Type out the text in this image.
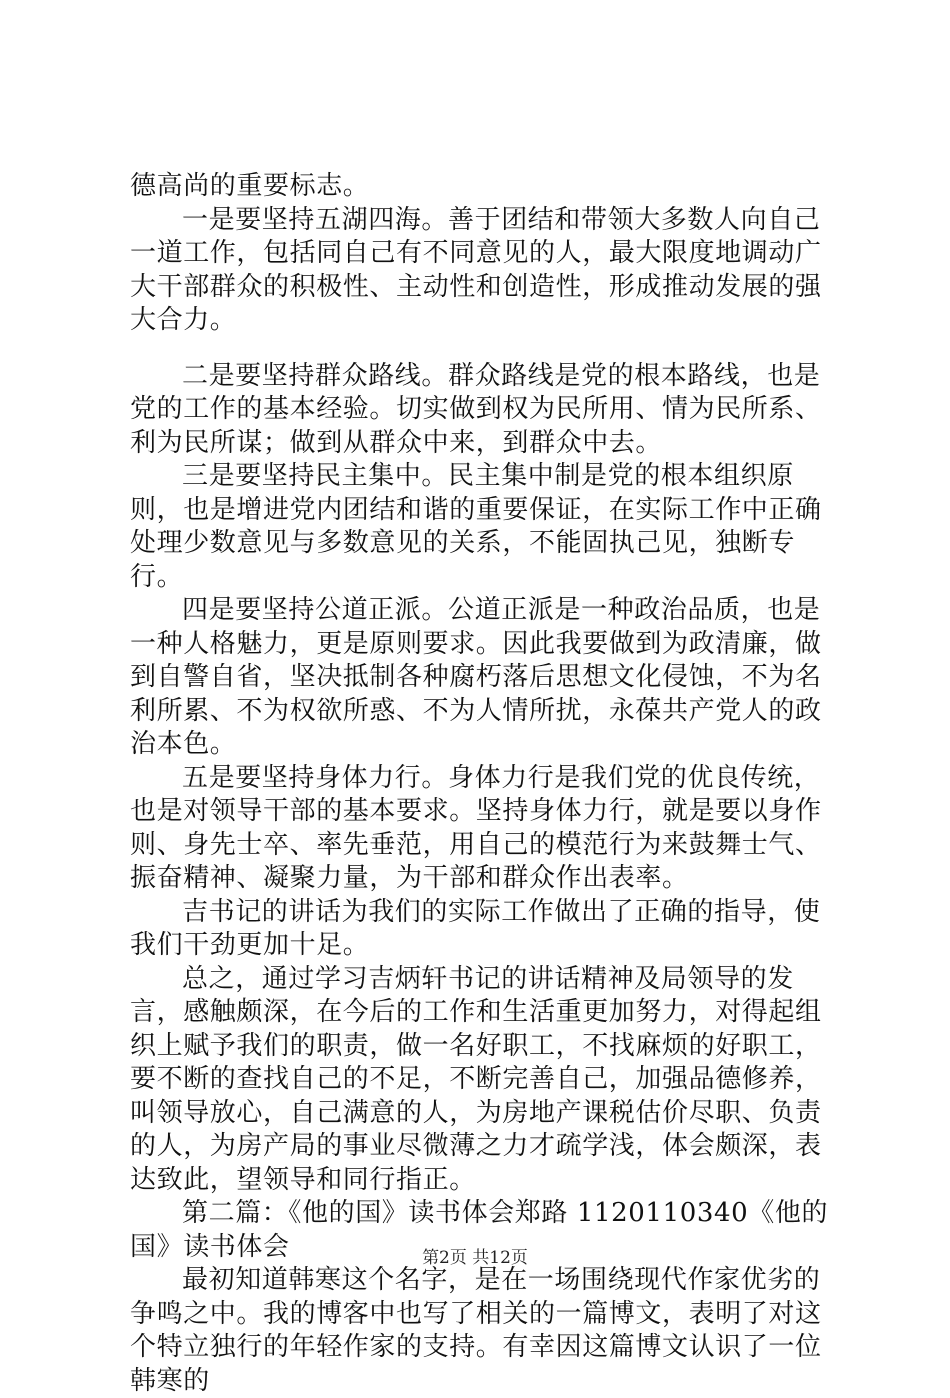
德高尚的重要标志。

一是要坚持五湖四海。善于团结和带领大多数人向自己一道工作，包括同自己有不同意见的人，最大限度地调动广大干部群众的积极性、主动性和创造性，形成推动发展的强大合力。

二是要坚持群众路线。群众路线是党的根本路线，也是党的工作的基本经验。切实做到权为民所用、情为民所系、利为民所谋；做到从群众中来，到群众中去。

三是要坚持民主集中。民主集中制是党的根本组织原则，也是增进党内团结和谐的重要保证，在实际工作中正确处理少数意见与多数意见的关系，不能固执己见，独断专行。

四是要坚持公道正派。公道正派是一种政治品质，也是一种人格魅力，更是原则要求。因此我要做到为政清廉，做到自警自省，坚决抵制各种腐朽落后思想文化侵蚀，不为名利所累、不为权欲所惑、不为人情所扰，永葆共产党人的政治本色。

五是要坚持身体力行。身体力行是我们党的优良传统，也是对领导干部的基本要求。坚持身体力行，就是要以身作则、身先士卒、率先垂范，用自己的模范行为来鼓舞士气、振奋精神、凝聚力量，为干部和群众作出表率。

吉书记的讲话为我们的实际工作做出了正确的指导，使我们干劲更加十足。

总之，通过学习吉炳轩书记的讲话精神及局领导的发言，感触颇深，在今后的工作和生活重更加努力，对得起组织上赋予我们的职责，做一名好职工，不找麻烦的好职工，要不断的查找自己的不足，不断完善自己，加强品德修养，叫领导放心，自己满意的人，为房地产课税估价尽职、负责的人，为房产局的事业尽微薄之力才疏学浅，体会颇深，表达致此，望领导和同行指正。

第二篇：《他的国》读书体会郑路 1120110340《他的国》读书体会

最初知道韩寒这个名字，是在一场围绕现代作家优劣的争鸣之中。我的博客中也写了相关的一篇博文，表明了对这个特立独行的年轻作家的支持。有幸因这篇博文认识了一位韩寒的

第2页 共12页
